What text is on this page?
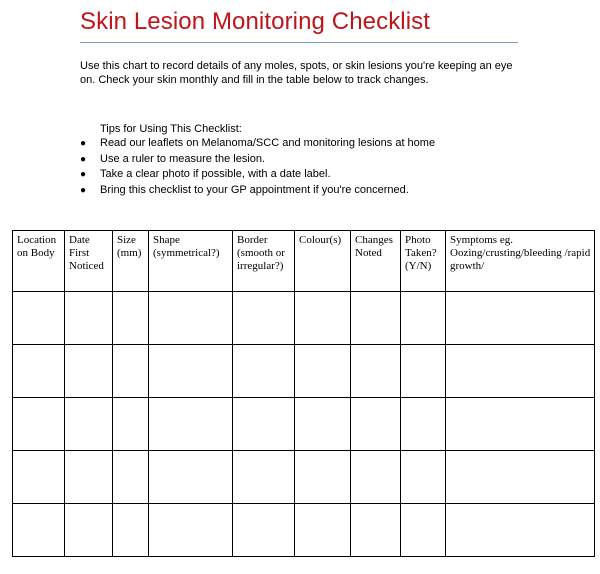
Skin Lesion Monitoring Checklist
Use this chart to record details of any moles, spots, or skin lesions you're keeping an eye on. Check your skin monthly and fill in the table below to track changes.
Tips for Using This Checklist:
● Read our leaflets on Melanoma/SCC and monitoring lesions at home
● Use a ruler to measure the lesion.
● Take a clear photo if possible, with a date label.
● Bring this checklist to your GP appointment if you're concerned.
Location on Body	Date First Noticed	Size (mm)	Shape (symmetrical?)	Border (smooth or irregular?)	Colour(s)	Changes Noted	Photo Taken? (Y/N)	Symptoms eg. Oozing/crusting/bleeding /rapid growth/
